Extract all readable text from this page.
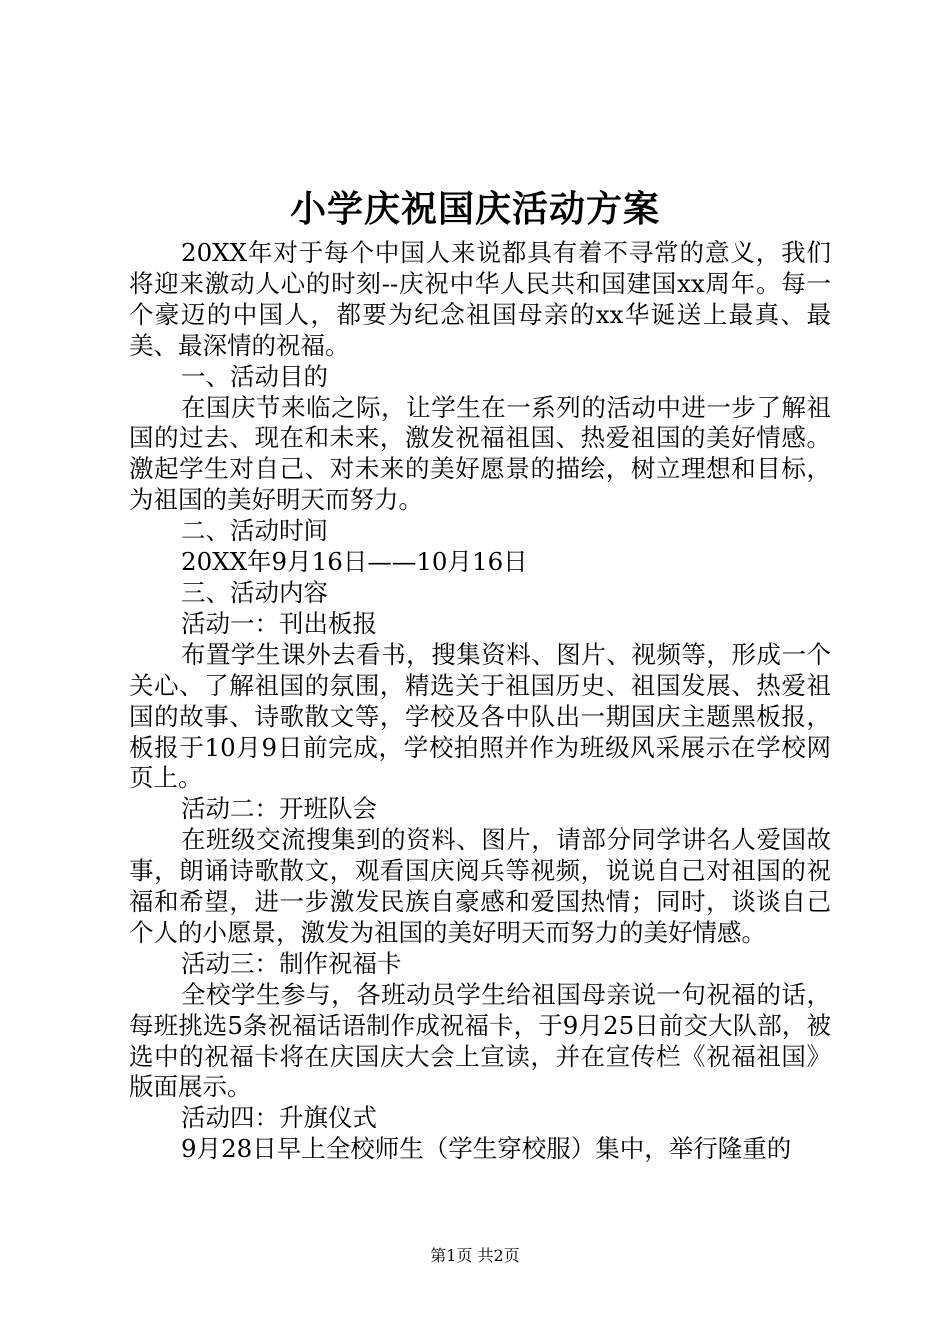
小学庆祝国庆活动方案

20XX年对于每个中国人来说都具有着不寻常的意义，我们将迎来激动人心的时刻--庆祝中华人民共和国建国xx周年。每一个豪迈的中国人，都要为纪念祖国母亲的xx华诞送上最真、最美、最深情的祝福。

一、活动目的

在国庆节来临之际，让学生在一系列的活动中进一步了解祖国的过去、现在和未来，激发祝福祖国、热爱祖国的美好情感。激起学生对自己、对未来的美好愿景的描绘，树立理想和目标，为祖国的美好明天而努力。

二、活动时间

20XX年9月16日——10月16日

三、活动内容

活动一：刊出板报

布置学生课外去看书，搜集资料、图片、视频等，形成一个关心、了解祖国的氛围，精选关于祖国历史、祖国发展、热爱祖国的故事、诗歌散文等，学校及各中队出一期国庆主题黑板报，板报于10月9日前完成，学校拍照并作为班级风采展示在学校网页上。

活动二：开班队会

在班级交流搜集到的资料、图片，请部分同学讲名人爱国故事，朗诵诗歌散文，观看国庆阅兵等视频，说说自己对祖国的祝福和希望，进一步激发民族自豪感和爱国热情；同时，谈谈自己个人的小愿景，激发为祖国的美好明天而努力的美好情感。

活动三：制作祝福卡

全校学生参与，各班动员学生给祖国母亲说一句祝福的话，每班挑选5条祝福话语制作成祝福卡，于9月25日前交大队部，被选中的祝福卡将在庆国庆大会上宣读，并在宣传栏《祝福祖国》版面展示。

活动四：升旗仪式

9月28日早上全校师生（学生穿校服）集中，举行隆重的

第1页 共2页
